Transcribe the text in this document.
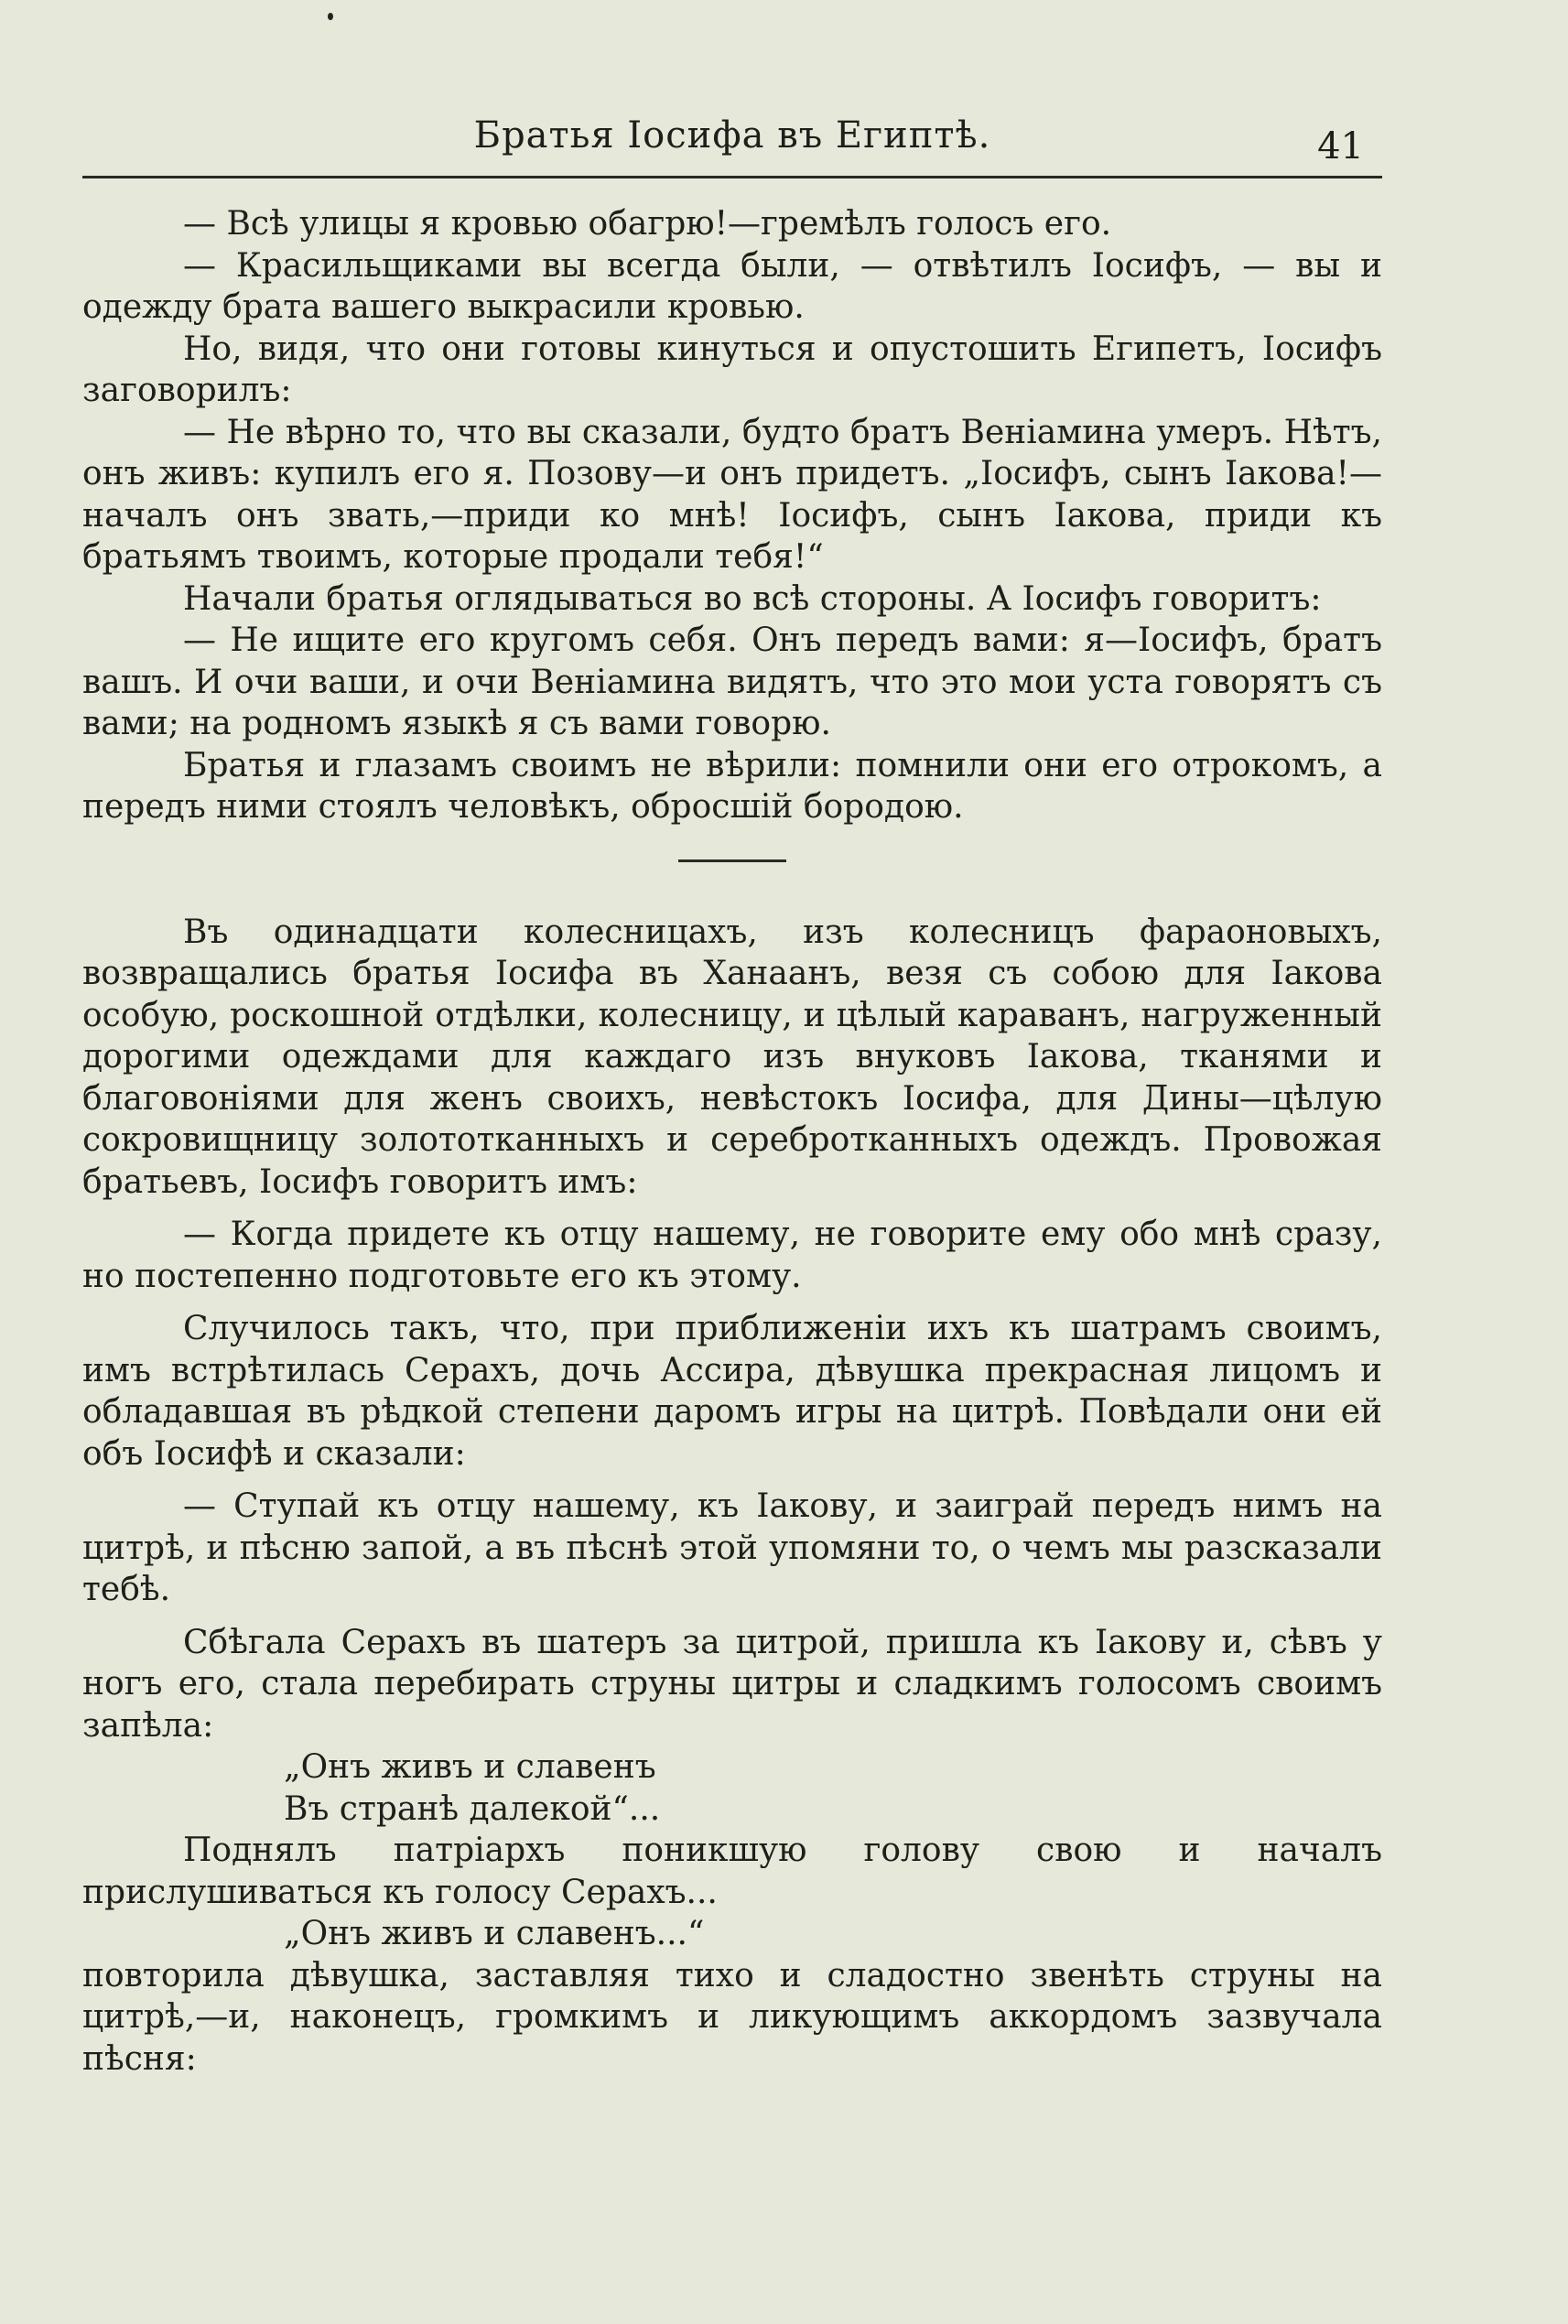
Братья Іосифа въ Египтѣ.	41

— Всѣ улицы я кровью обагрю!—гремѣлъ голосъ его.

— Красильщиками вы всегда были, — отвѣтилъ Іосифъ, — вы и одежду брата вашего выкрасили кровью.

Но, видя, что они готовы кинуться и опустошить Египетъ, Іосифъ заговорилъ:

— Не вѣрно то, что вы сказали, будто братъ Веніамина умеръ. Нѣтъ, онъ живъ: купилъ его я. Позову—и онъ придетъ. „Іосифъ, сынъ Іакова!—началъ онъ звать,—приди ко мнѣ! Іосифъ, сынъ Іакова, приди къ братьямъ твоимъ, которые продали тебя!“

Начали братья оглядываться во всѣ стороны. А Іосифъ говоритъ:

— Не ищите его кругомъ себя. Онъ передъ вами: я—Іосифъ, братъ вашъ. И очи ваши, и очи Веніамина видятъ, что это мои уста говорятъ съ вами; на родномъ языкѣ я съ вами говорю.

Братья и глазамъ своимъ не вѣрили: помнили они его отрокомъ, а передъ ними стоялъ человѣкъ, обросшій бородою.

Въ одинадцати колесницахъ, изъ колесницъ фараоновыхъ, возвращались братья Іосифа въ Ханаанъ, везя съ собою для Іакова особую, роскошной отдѣлки, колесницу, и цѣлый караванъ, нагруженный дорогими одеждами для каждаго изъ внуковъ Іакова, тканями и благовоніями для женъ своихъ, невѣстокъ Іосифа, для Дины—цѣлую сокровищницу золототканныхъ и серебротканныхъ одеждъ. Провожая братьевъ, Іосифъ говоритъ имъ:

— Когда придете къ отцу нашему, не говорите ему обо мнѣ сразу, но постепенно подготовьте его къ этому.

Случилось такъ, что, при приближеніи ихъ къ шатрамъ своимъ, имъ встрѣтилась Серахъ, дочь Ассира, дѣвушка прекрасная лицомъ и обладавшая въ рѣдкой степени даромъ игры на цитрѣ. Повѣдали они ей объ Іосифѣ и сказали:

— Ступай къ отцу нашему, къ Іакову, и заиграй передъ нимъ на цитрѣ, и пѣсню запой, а въ пѣснѣ этой упомяни то, о чемъ мы разсказали тебѣ.

Сбѣгала Серахъ въ шатеръ за цитрой, пришла къ Іакову и, сѣвъ у ногъ его, стала перебирать струны цитры и сладкимъ голосомъ своимъ запѣла:

„Онъ живъ и славенъ

Въ странѣ далекой“...

Поднялъ патріархъ поникшую голову свою и началъ прислушиваться къ голосу Серахъ...

„Онъ живъ и славенъ...“

повторила дѣвушка, заставляя тихо и сладостно звенѣть струны на цитрѣ,—и, наконецъ, громкимъ и ликующимъ аккордомъ зазвучала пѣсня:
